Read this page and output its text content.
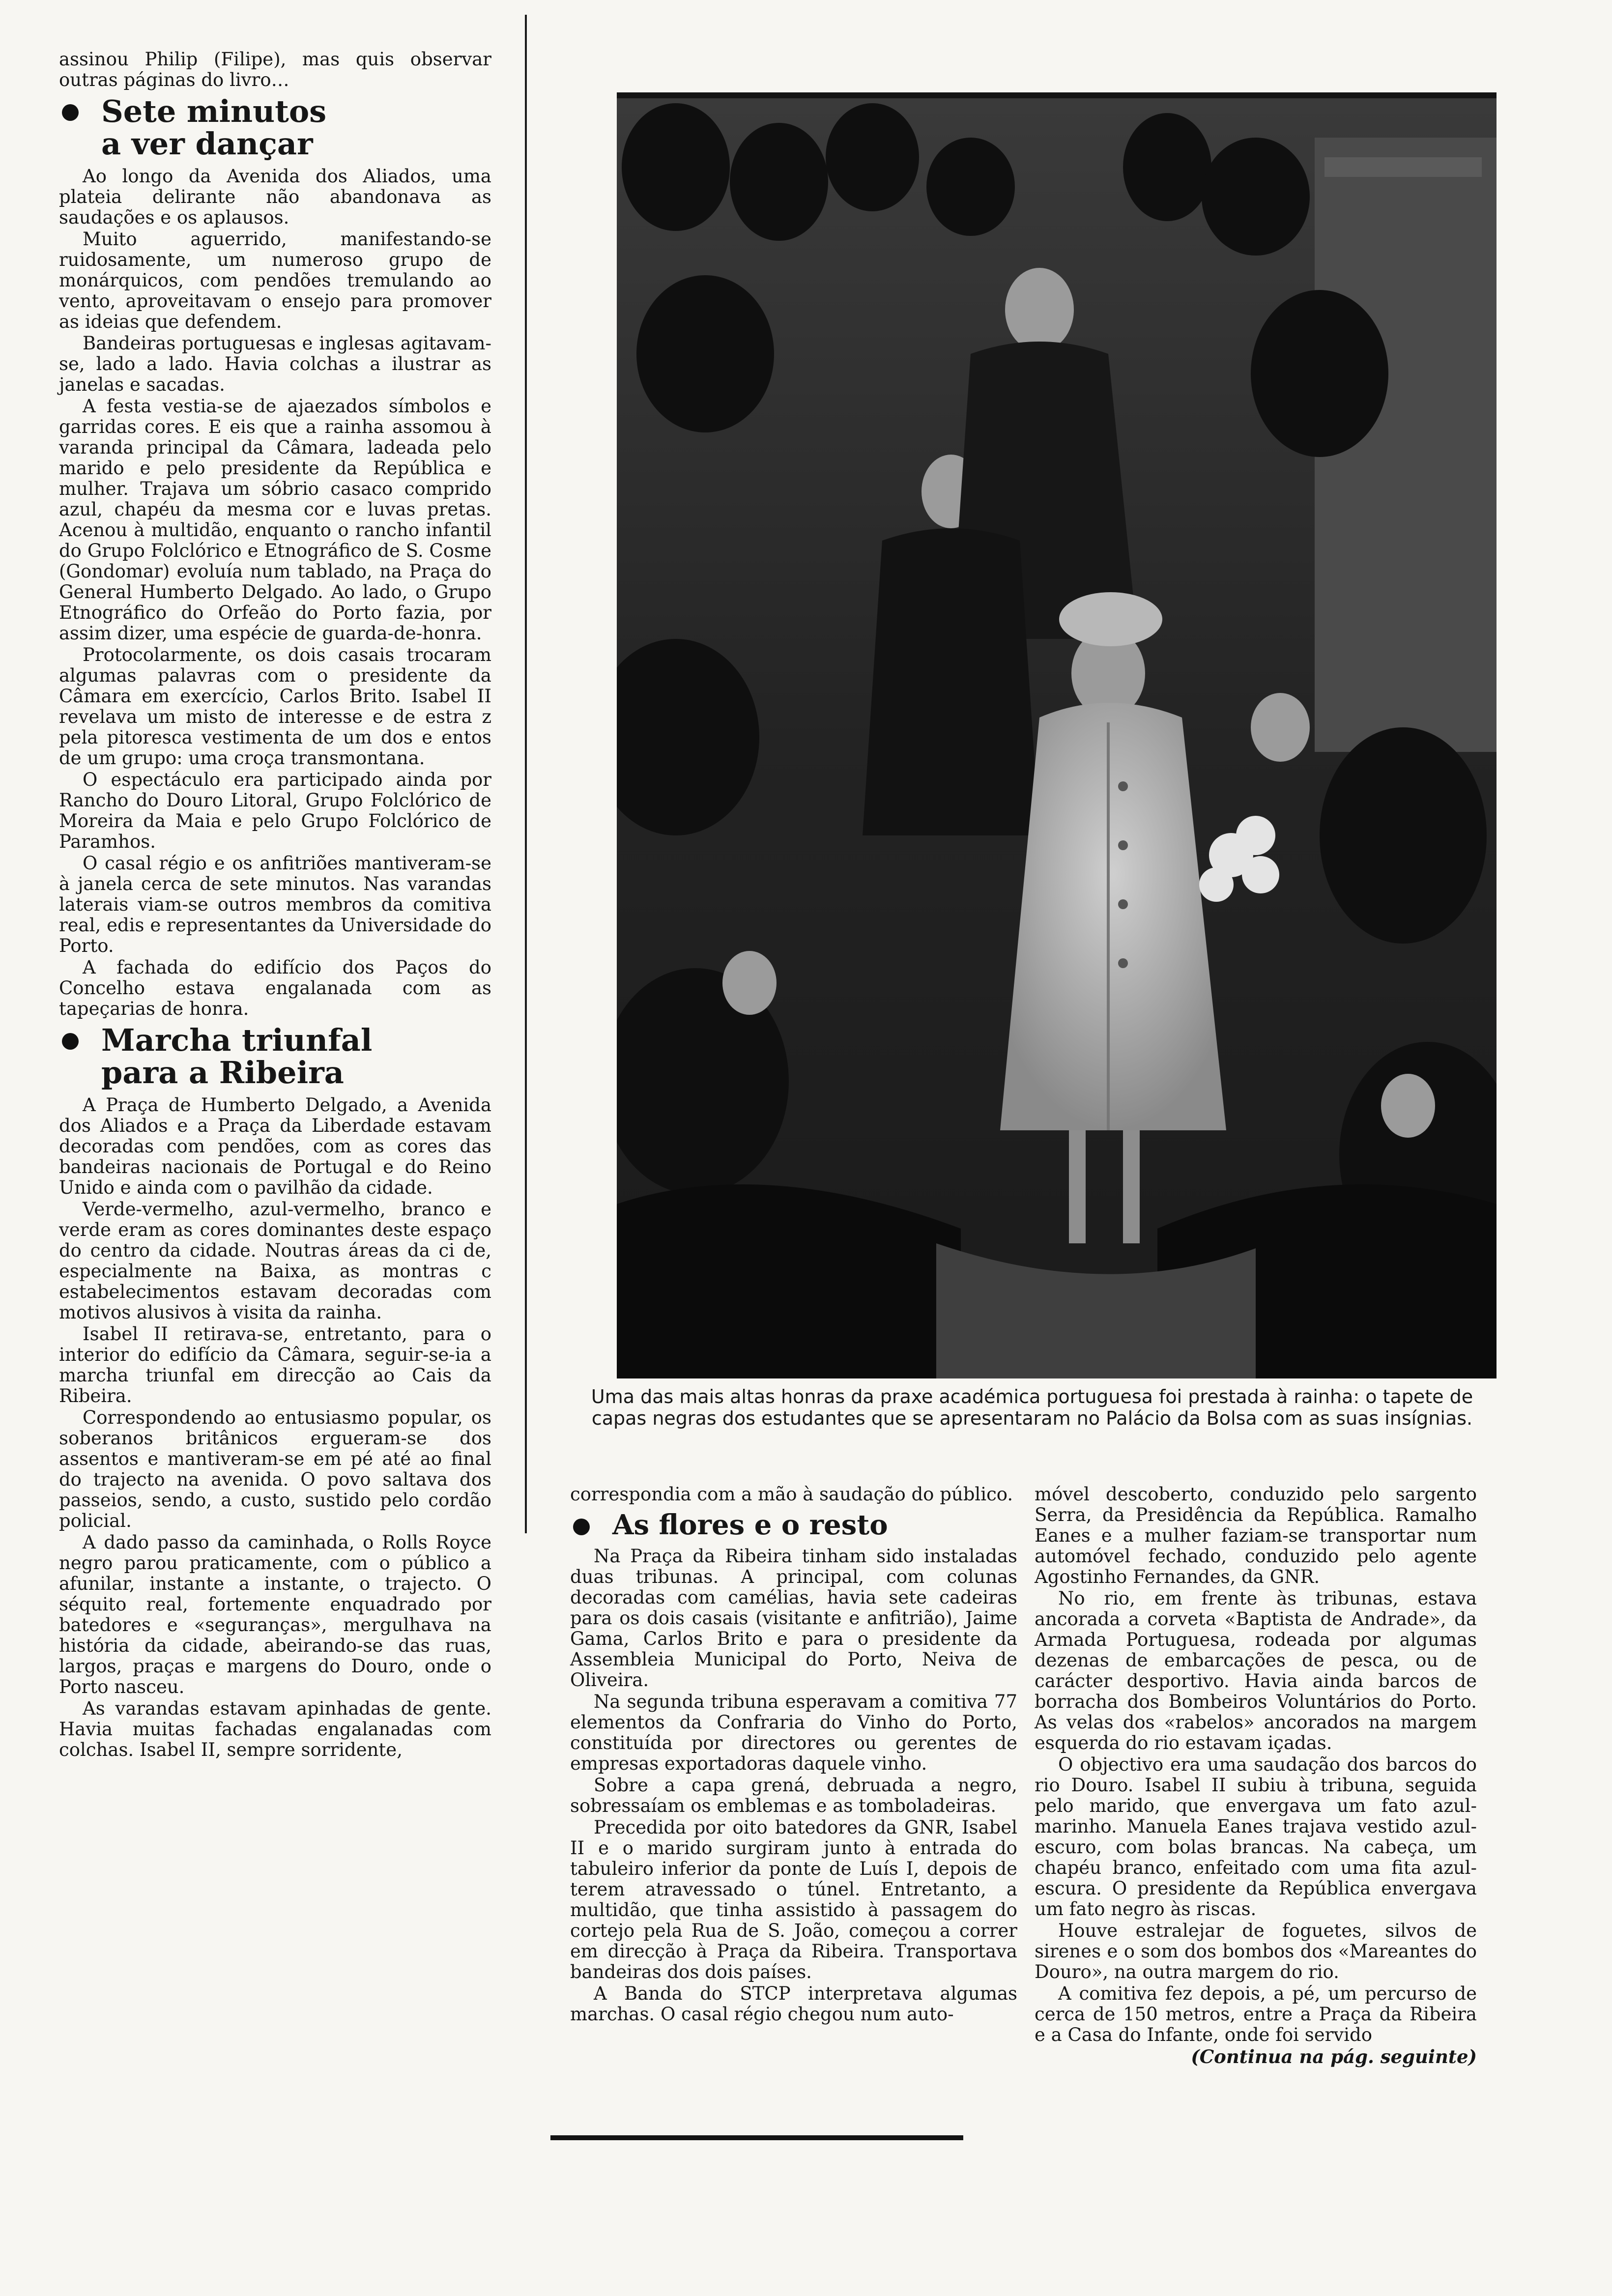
assinou Philip (Filipe), mas quis observar outras páginas do livro…

Sete minutos
a ver dançar

Ao longo da Avenida dos Aliados, uma plateia delirante não abandonava as saudações e os aplausos.

Muito aguerrido, manifestando-se ruidosamente, um numeroso grupo de monárquicos, com pendões tremulando ao vento, aproveitavam o ensejo para promover as ideias que defendem.

Bandeiras portuguesas e inglesas agitavam-se, lado a lado. Havia colchas a ilustrar as janelas e sacadas.

A festa vestia-se de ajaezados símbolos e garridas cores. E eis que a rainha assomou à varanda principal da Câmara, ladeada pelo marido e pelo presidente da República e mulher. Trajava um sóbrio casaco comprido azul, chapéu da mesma cor e luvas pretas. Acenou à multidão, enquanto o rancho infantil do Grupo Folclórico e Etnográfico de S. Cosme (Gondomar) evoluía num tablado, na Praça do General Humberto Delgado. Ao lado, o Grupo Etnográfico do Orfeão do Porto fazia, por assim dizer, uma espécie de guarda-de-honra.

Protocolarmente, os dois casais trocaram algumas palavras com o presidente da Câmara em exercício, Carlos Brito. Isabel II revelava um misto de interesse e de estra z pela pitoresca vestimenta de um dos e entos de um grupo: uma croça transmontana.

O espectáculo era participado ainda por Rancho do Douro Litoral, Grupo Folclórico de Moreira da Maia e pelo Grupo Folclórico de Paramhos.

O casal régio e os anfitriões mantiveram-se à janela cerca de sete minutos. Nas varandas laterais viam-se outros membros da comitiva real, edis e representantes da Universidade do Porto.

A fachada do edifício dos Paços do Concelho estava engalanada com as tapeçarias de honra.

Marcha triunfal
para a Ribeira

A Praça de Humberto Delgado, a Avenida dos Aliados e a Praça da Liberdade estavam decoradas com pendões, com as cores das bandeiras nacionais de Portugal e do Reino Unido e ainda com o pavilhão da cidade.

Verde-vermelho, azul-vermelho, branco e verde eram as cores dominantes deste espaço do centro da cidade. Noutras áreas da ci de, especialmente na Baixa, as montras c estabelecimentos estavam decoradas com motivos alusivos à visita da rainha.

Isabel II retirava-se, entretanto, para o interior do edifício da Câmara, seguir-se-ia a marcha triunfal em direcção ao Cais da Ribeira.

Correspondendo ao entusiasmo popular, os soberanos britânicos ergueram-se dos assentos e mantiveram-se em pé até ao final do trajecto na avenida. O povo saltava dos passeios, sendo, a custo, sustido pelo cordão policial.

A dado passo da caminhada, o Rolls Royce negro parou praticamente, com o público a afunilar, instante a instante, o trajecto. O séquito real, fortemente enquadrado por batedores e «seguranças», mergulhava na história da cidade, abeirando-se das ruas, largos, praças e margens do Douro, onde o Porto nasceu.

As varandas estavam apinhadas de gente. Havia muitas fachadas engalanadas com colchas. Isabel II, sempre sorridente,

Uma das mais altas honras da praxe académica portuguesa foi prestada à rainha: o tapete de capas negras dos estudantes que se apresentaram no Palácio da Bolsa com as suas insígnias.

correspondia com a mão à saudação do público.

As flores e o resto

Na Praça da Ribeira tinham sido instaladas duas tribunas. A principal, com colunas decoradas com camélias, havia sete cadeiras para os dois casais (visitante e anfitrião), Jaime Gama, Carlos Brito e para o presidente da Assembleia Municipal do Porto, Neiva de Oliveira.

Na segunda tribuna esperavam a comitiva 77 elementos da Confraria do Vinho do Porto, constituída por directores ou gerentes de empresas exportadoras daquele vinho.

Sobre a capa grená, debruada a negro, sobressaíam os emblemas e as tomboladeiras.

Precedida por oito batedores da GNR, Isabel II e o marido surgiram junto à entrada do tabuleiro inferior da ponte de Luís I, depois de terem atravessado o túnel. Entretanto, a multidão, que tinha assistido à passagem do cortejo pela Rua de S. João, começou a correr em direcção à Praça da Ribeira. Transportava bandeiras dos dois países.

A Banda do STCP interpretava algumas marchas. O casal régio chegou num auto-

móvel descoberto, conduzido pelo sargento Serra, da Presidência da República. Ramalho Eanes e a mulher faziam-se transportar num automóvel fechado, conduzido pelo agente Agostinho Fernandes, da GNR.

No rio, em frente às tribunas, estava ancorada a corveta «Baptista de Andrade», da Armada Portuguesa, rodeada por algumas dezenas de embarcações de pesca, ou de carácter desportivo. Havia ainda barcos de borracha dos Bombeiros Voluntários do Porto. As velas dos «rabelos» ancorados na margem esquerda do rio estavam içadas.

O objectivo era uma saudação dos barcos do rio Douro. Isabel II subiu à tribuna, seguida pelo marido, que envergava um fato azul-marinho. Manuela Eanes trajava vestido azul-escuro, com bolas brancas. Na cabeça, um chapéu branco, enfeitado com uma fita azul-escura. O presidente da República envergava um fato negro às riscas.

Houve estralejar de foguetes, silvos de sirenes e o som dos bombos dos «Mareantes do Douro», na outra margem do rio.

A comitiva fez depois, a pé, um percurso de cerca de 150 metros, entre a Praça da Ribeira e a Casa do Infante, onde foi servido

(Continua na pág. seguinte)
